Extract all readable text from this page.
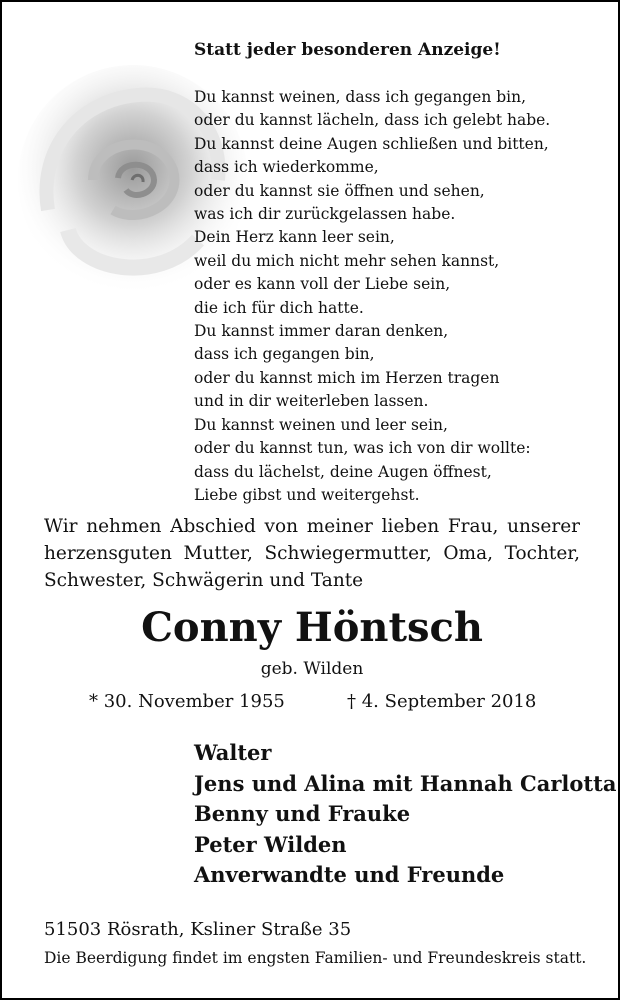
Statt jeder besonderen Anzeige!
Du kannst weinen, dass ich gegangen bin,
oder du kannst lächeln, dass ich gelebt habe.
Du kannst deine Augen schließen und bitten,
dass ich wiederkomme,
oder du kannst sie öffnen und sehen,
was ich dir zurückgelassen habe.
Dein Herz kann leer sein,
weil du mich nicht mehr sehen kannst,
oder es kann voll der Liebe sein,
die ich für dich hatte.
Du kannst immer daran denken,
dass ich gegangen bin,
oder du kannst mich im Herzen tragen
und in dir weiterleben lassen.
Du kannst weinen und leer sein,
oder du kannst tun, was ich von dir wollte:
dass du lächelst, deine Augen öffnest,
Liebe gibst und weitergehst.
Wir nehmen Abschied von meiner lieben Frau, unserer herzensguten Mutter, Schwiegermutter, Oma, Tochter, Schwester, Schwägerin und Tante
Conny Höntsch
geb. Wilden
* 30. November 1955	† 4. September 2018
Walter
Jens und Alina mit Hannah Carlotta
Benny und Frauke
Peter Wilden
Anverwandte und Freunde
51503 Rösrath, Ksliner Straße 35
Die Beerdigung findet im engsten Familien- und Freundeskreis statt.
